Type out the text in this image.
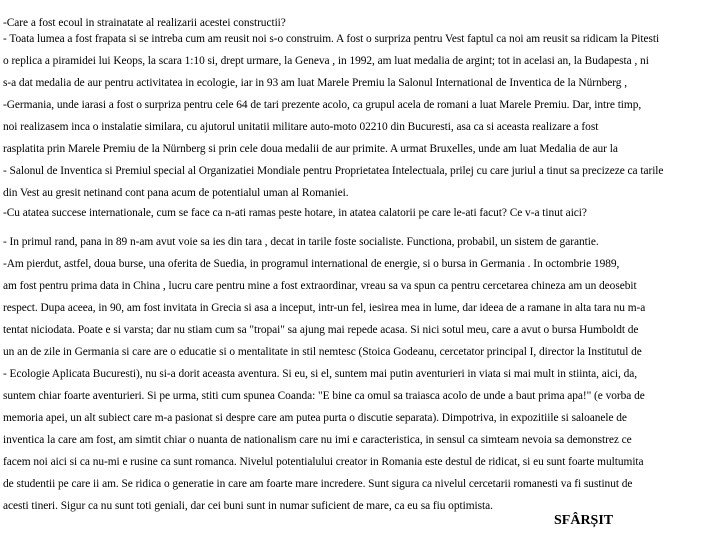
-Care a fost ecoul in strainatate al realizarii acestei constructii?
- Toata lumea a fost frapata si se intreba cum am reusit noi s-o construim. A fost o surpriza pentru Vest faptul ca noi am reusit sa ridicam la Pitesti
o replica a piramidei lui Keops, la scara 1:10 si, drept urmare, la Geneva , in 1992, am luat medalia de argint; tot in acelasi an, la Budapesta , ni
s-a dat medalia de aur pentru activitatea in ecologie, iar in 93 am luat Marele Premiu la Salonul International de Inventica de la Nürnberg ,
-Germania, unde iarasi a fost o surpriza pentru cele 64 de tari prezente acolo, ca grupul acela de romani a luat Marele Premiu. Dar, intre timp,
noi realizasem inca o instalatie similara, cu ajutorul unitatii militare auto-moto 02210 din Bucuresti, asa ca si aceasta realizare a fost
rasplatita prin Marele Premiu de la Nürnberg si prin cele doua medalii de aur primite. A urmat Bruxelles, unde am luat Medalia de aur la
- Salonul de Inventica si Premiul special al Organizatiei Mondiale pentru Proprietatea Intelectuala, prilej cu care juriul a tinut sa precizeze ca tarile
din Vest au gresit netinand cont pana acum de potentialul uman al Romaniei.
-Cu atatea succese internationale, cum se face ca n-ati ramas peste hotare, in atatea calatorii pe care le-ati facut? Ce v-a tinut aici?
- In primul rand, pana in 89 n-am avut voie sa ies din tara , decat in tarile foste socialiste. Functiona, probabil, un sistem de garantie.
-Am pierdut, astfel, doua burse, una oferita de Suedia, in programul international de energie, si o bursa in Germania . In octombrie 1989,
am fost pentru prima data in China , lucru care pentru mine a fost extraordinar, vreau sa va spun ca pentru cercetarea chineza am un deosebit
respect. Dupa aceea, in 90, am fost invitata in Grecia si asa a inceput, intr-un fel, iesirea mea in lume, dar ideea de a ramane in alta tara nu m-a
tentat niciodata. Poate e si varsta; dar nu stiam cum sa "tropai" sa ajung mai repede acasa. Si nici sotul meu, care a avut o bursa Humboldt de
un an de zile in Germania si care are o educatie si o mentalitate in stil nemtesc (Stoica Godeanu, cercetator principal I, director la Institutul de
- Ecologie Aplicata Bucuresti), nu si-a dorit aceasta aventura. Si eu, si el, suntem mai putin aventurieri in viata si mai mult in stiinta, aici, da,
suntem chiar foarte aventurieri. Si pe urma, stiti cum spunea Coanda: "E bine ca omul sa traiasca acolo de unde a baut prima apa!" (e vorba de
memoria apei, un alt subiect care m-a pasionat si despre care am putea purta o discutie separata). Dimpotriva, in expozitiile si saloanele de
inventica la care am fost, am simtit chiar o nuanta de nationalism care nu imi e caracteristica, in sensul ca simteam nevoia sa demonstrez ce
facem noi aici si ca nu-mi e rusine ca sunt romanca. Nivelul potentialului creator in Romania este destul de ridicat, si eu sunt foarte multumita
de studentii pe care ii am. Se ridica o generatie in care am foarte mare incredere. Sunt sigura ca nivelul cercetarii romanesti va fi sustinut de
acesti tineri. Sigur ca nu sunt toti geniali, dar cei buni sunt in numar suficient de mare, ca eu sa fiu optimista.
SFÂRȘIT
